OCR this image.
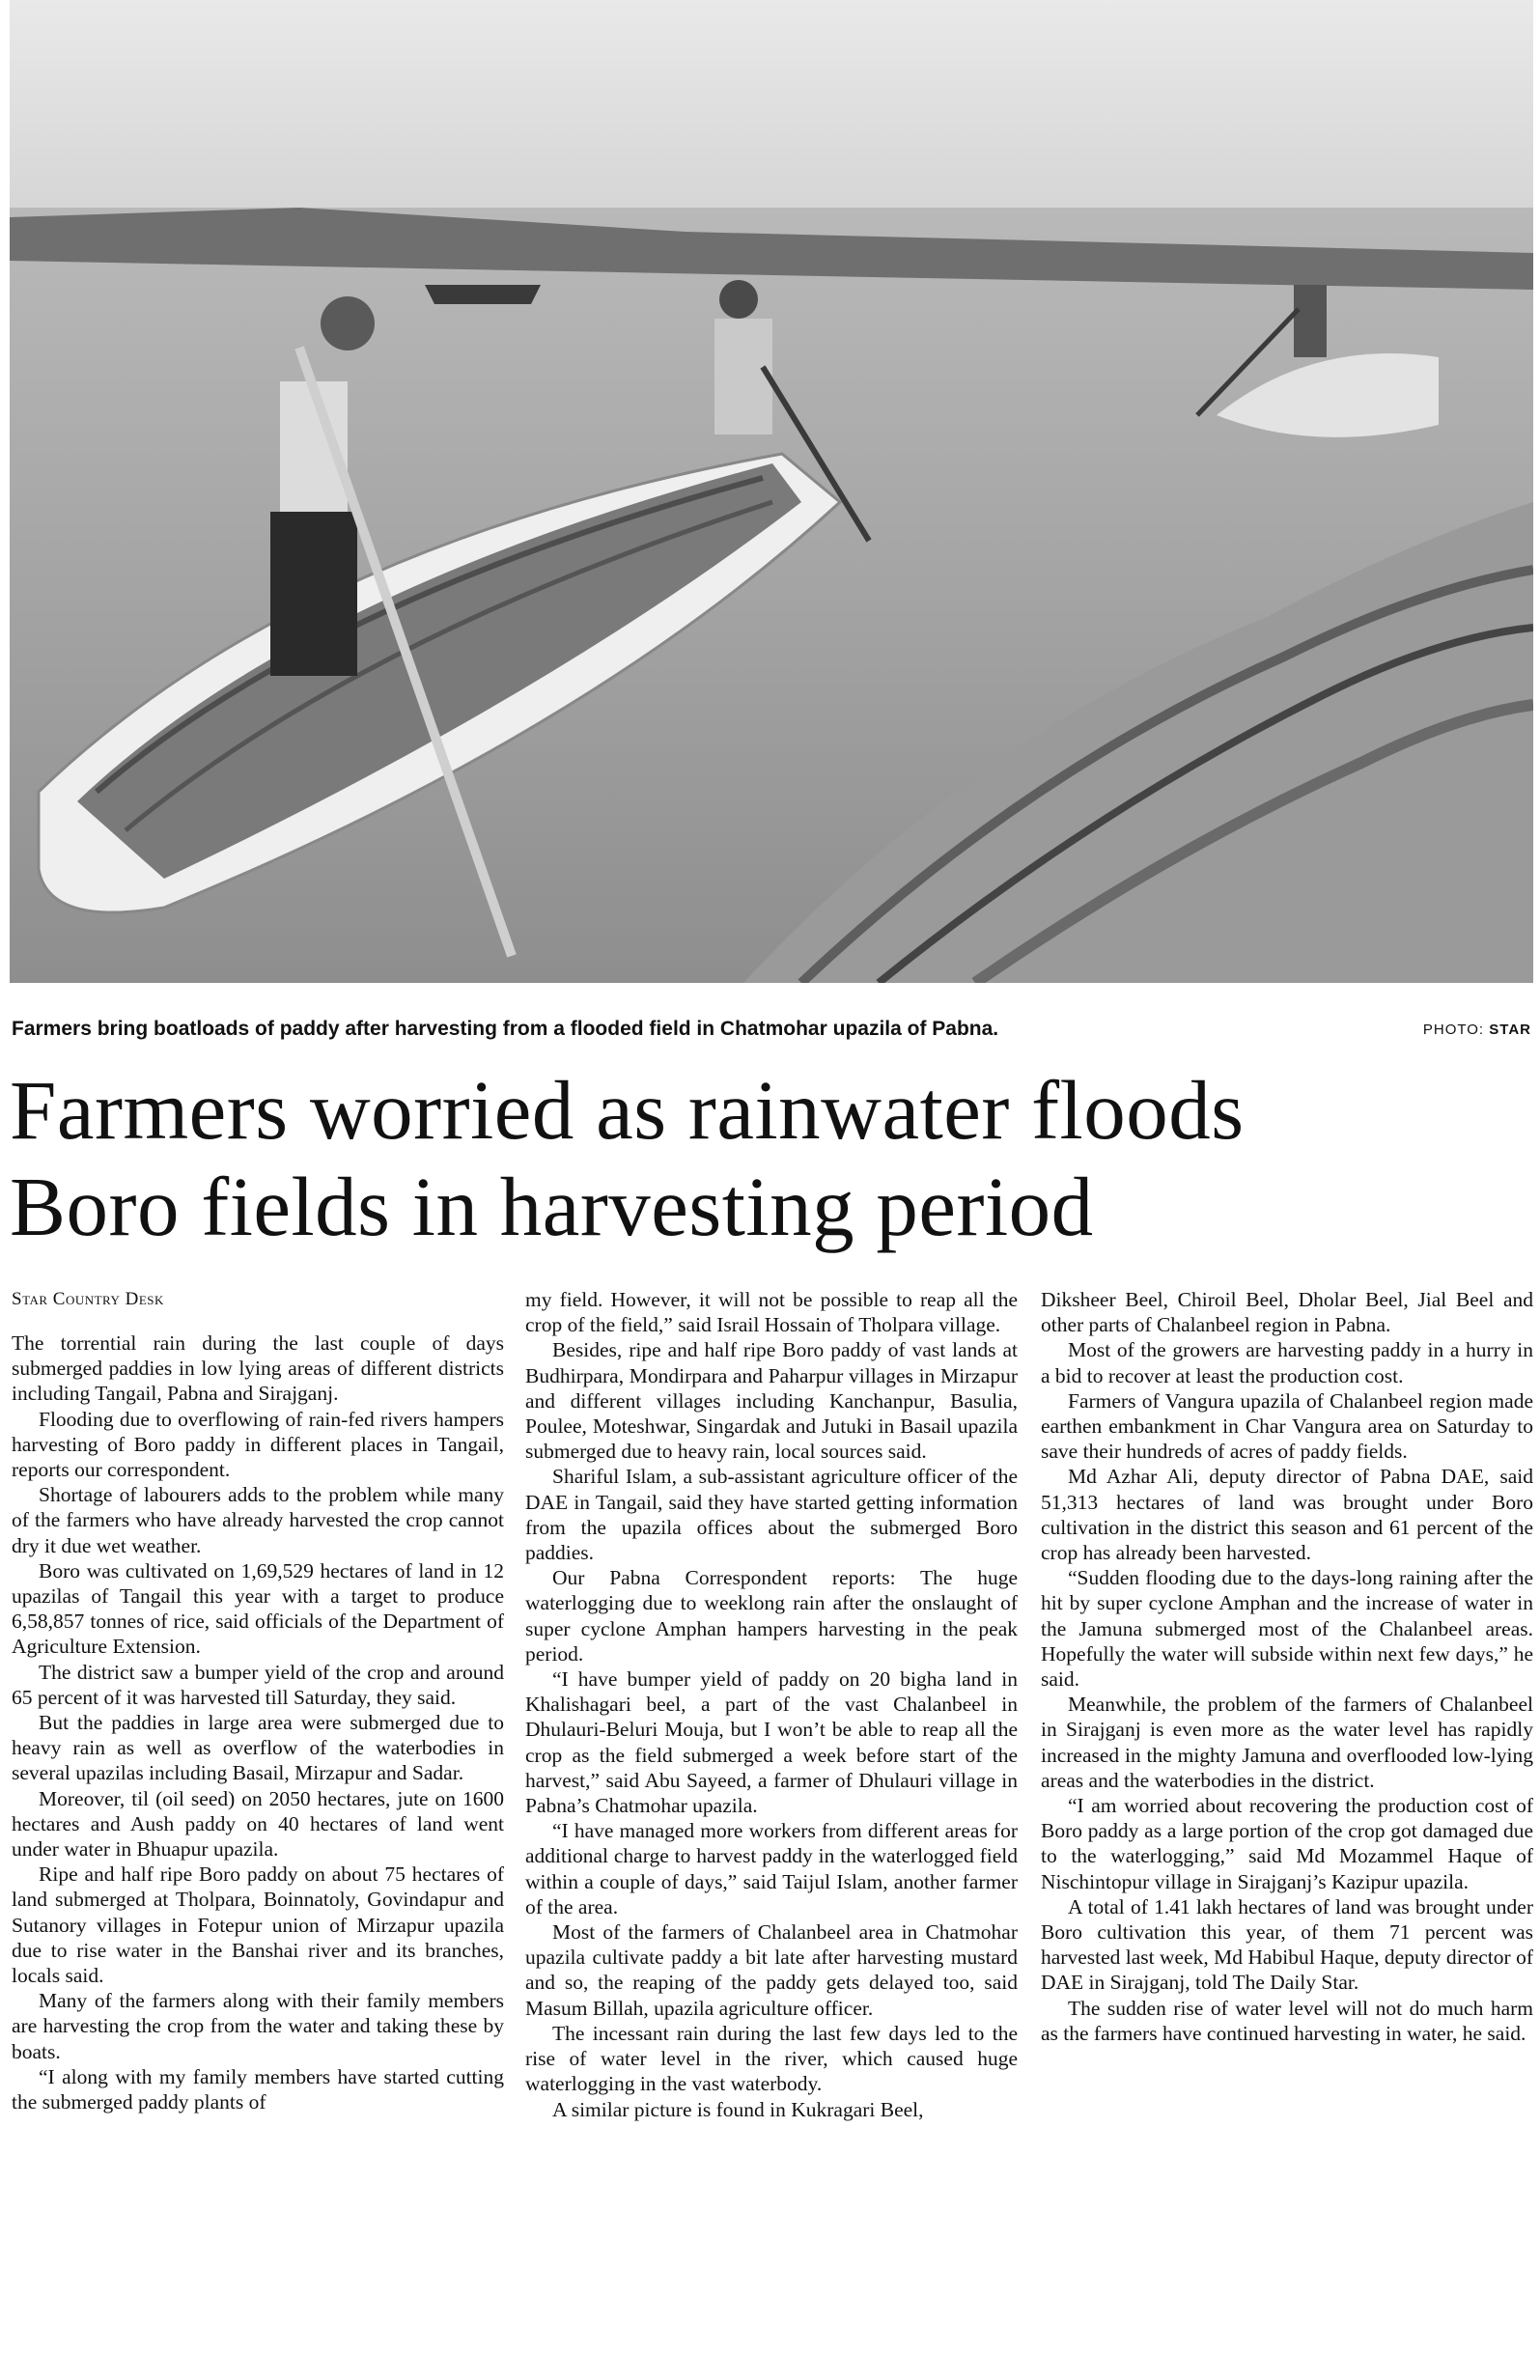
Farmers bring boatloads of paddy after harvesting from a flooded field in Chatmohar upazila of Pabna.	PHOTO: STAR
Farmers worried as rainwater floods
Boro fields in harvesting period
Star Country Desk

The torrential rain during the last couple of days submerged paddies in low lying areas of different districts including Tangail, Pabna and Sirajganj.

Flooding due to overflowing of rain-fed rivers hampers harvesting of Boro paddy in different places in Tangail, reports our correspondent.

Shortage of labourers adds to the problem while many of the farmers who have already harvested the crop cannot dry it due wet weather.

Boro was cultivated on 1,69,529 hectares of land in 12 upazilas of Tangail this year with a target to produce 6,58,857 tonnes of rice, said officials of the Department of Agriculture Extension.

The district saw a bumper yield of the crop and around 65 percent of it was harvested till Saturday, they said.

But the paddies in large area were submerged due to heavy rain as well as overflow of the waterbodies in several upazilas including Basail, Mirzapur and Sadar.

Moreover, til (oil seed) on 2050 hectares, jute on 1600 hectares and Aush paddy on 40 hectares of land went under water in Bhuapur upazila.

Ripe and half ripe Boro paddy on about 75 hectares of land submerged at Tholpara, Boinnatoly, Govindapur and Sutanory villages in Fotepur union of Mirzapur upazila due to rise water in the Banshai river and its branches, locals said.

Many of the farmers along with their family members are harvesting the crop from the water and taking these by boats.

“I along with my family members have started cutting the submerged paddy plants of

my field. However, it will not be possible to reap all the crop of the field,” said Israil Hossain of Tholpara village.

Besides, ripe and half ripe Boro paddy of vast lands at Budhirpara, Mondirpara and Paharpur villages in Mirzapur and different villages including Kanchanpur, Basulia, Poulee, Moteshwar, Singardak and Jutuki in Basail upazila submerged due to heavy rain, local sources said.

Shariful Islam, a sub-assistant agriculture officer of the DAE in Tangail, said they have started getting information from the upazila offices about the submerged Boro paddies.

Our Pabna Correspondent reports: The huge waterlogging due to weeklong rain after the onslaught of super cyclone Amphan hampers harvesting in the peak period.

“I have bumper yield of paddy on 20 bigha land in Khalishagari beel, a part of the vast Chalanbeel in Dhulauri-Beluri Mouja, but I won’t be able to reap all the crop as the field submerged a week before start of the harvest,” said Abu Sayeed, a farmer of Dhulauri village in Pabna’s Chatmohar upazila.

“I have managed more workers from different areas for additional charge to harvest paddy in the waterlogged field within a couple of days,” said Taijul Islam, another farmer of the area.

Most of the farmers of Chalanbeel area in Chatmohar upazila cultivate paddy a bit late after harvesting mustard and so, the reaping of the paddy gets delayed too, said Masum Billah, upazila agriculture officer.

The incessant rain during the last few days led to the rise of water level in the river, which caused huge waterlogging in the vast waterbody.

A similar picture is found in Kukragari Beel,

Diksheer Beel, Chiroil Beel, Dholar Beel, Jial Beel and other parts of Chalanbeel region in Pabna.

Most of the growers are harvesting paddy in a hurry in a bid to recover at least the production cost.

Farmers of Vangura upazila of Chalanbeel region made earthen embankment in Char Vangura area on Saturday to save their hundreds of acres of paddy fields.

Md Azhar Ali, deputy director of Pabna DAE, said 51,313 hectares of land was brought under Boro cultivation in the district this season and 61 percent of the crop has already been harvested.

“Sudden flooding due to the days-long raining after the hit by super cyclone Amphan and the increase of water in the Jamuna submerged most of the Chalanbeel areas. Hopefully the water will subside within next few days,” he said.

Meanwhile, the problem of the farmers of Chalanbeel in Sirajganj is even more as the water level has rapidly increased in the mighty Jamuna and overflooded low-lying areas and the waterbodies in the district.

“I am worried about recovering the production cost of Boro paddy as a large portion of the crop got damaged due to the waterlogging,” said Md Mozammel Haque of Nischintopur village in Sirajganj’s Kazipur upazila.

A total of 1.41 lakh hectares of land was brought under Boro cultivation this year, of them 71 percent was harvested last week, Md Habibul Haque, deputy director of DAE in Sirajganj, told The Daily Star.

The sudden rise of water level will not do much harm as the farmers have continued harvesting in water, he said.
